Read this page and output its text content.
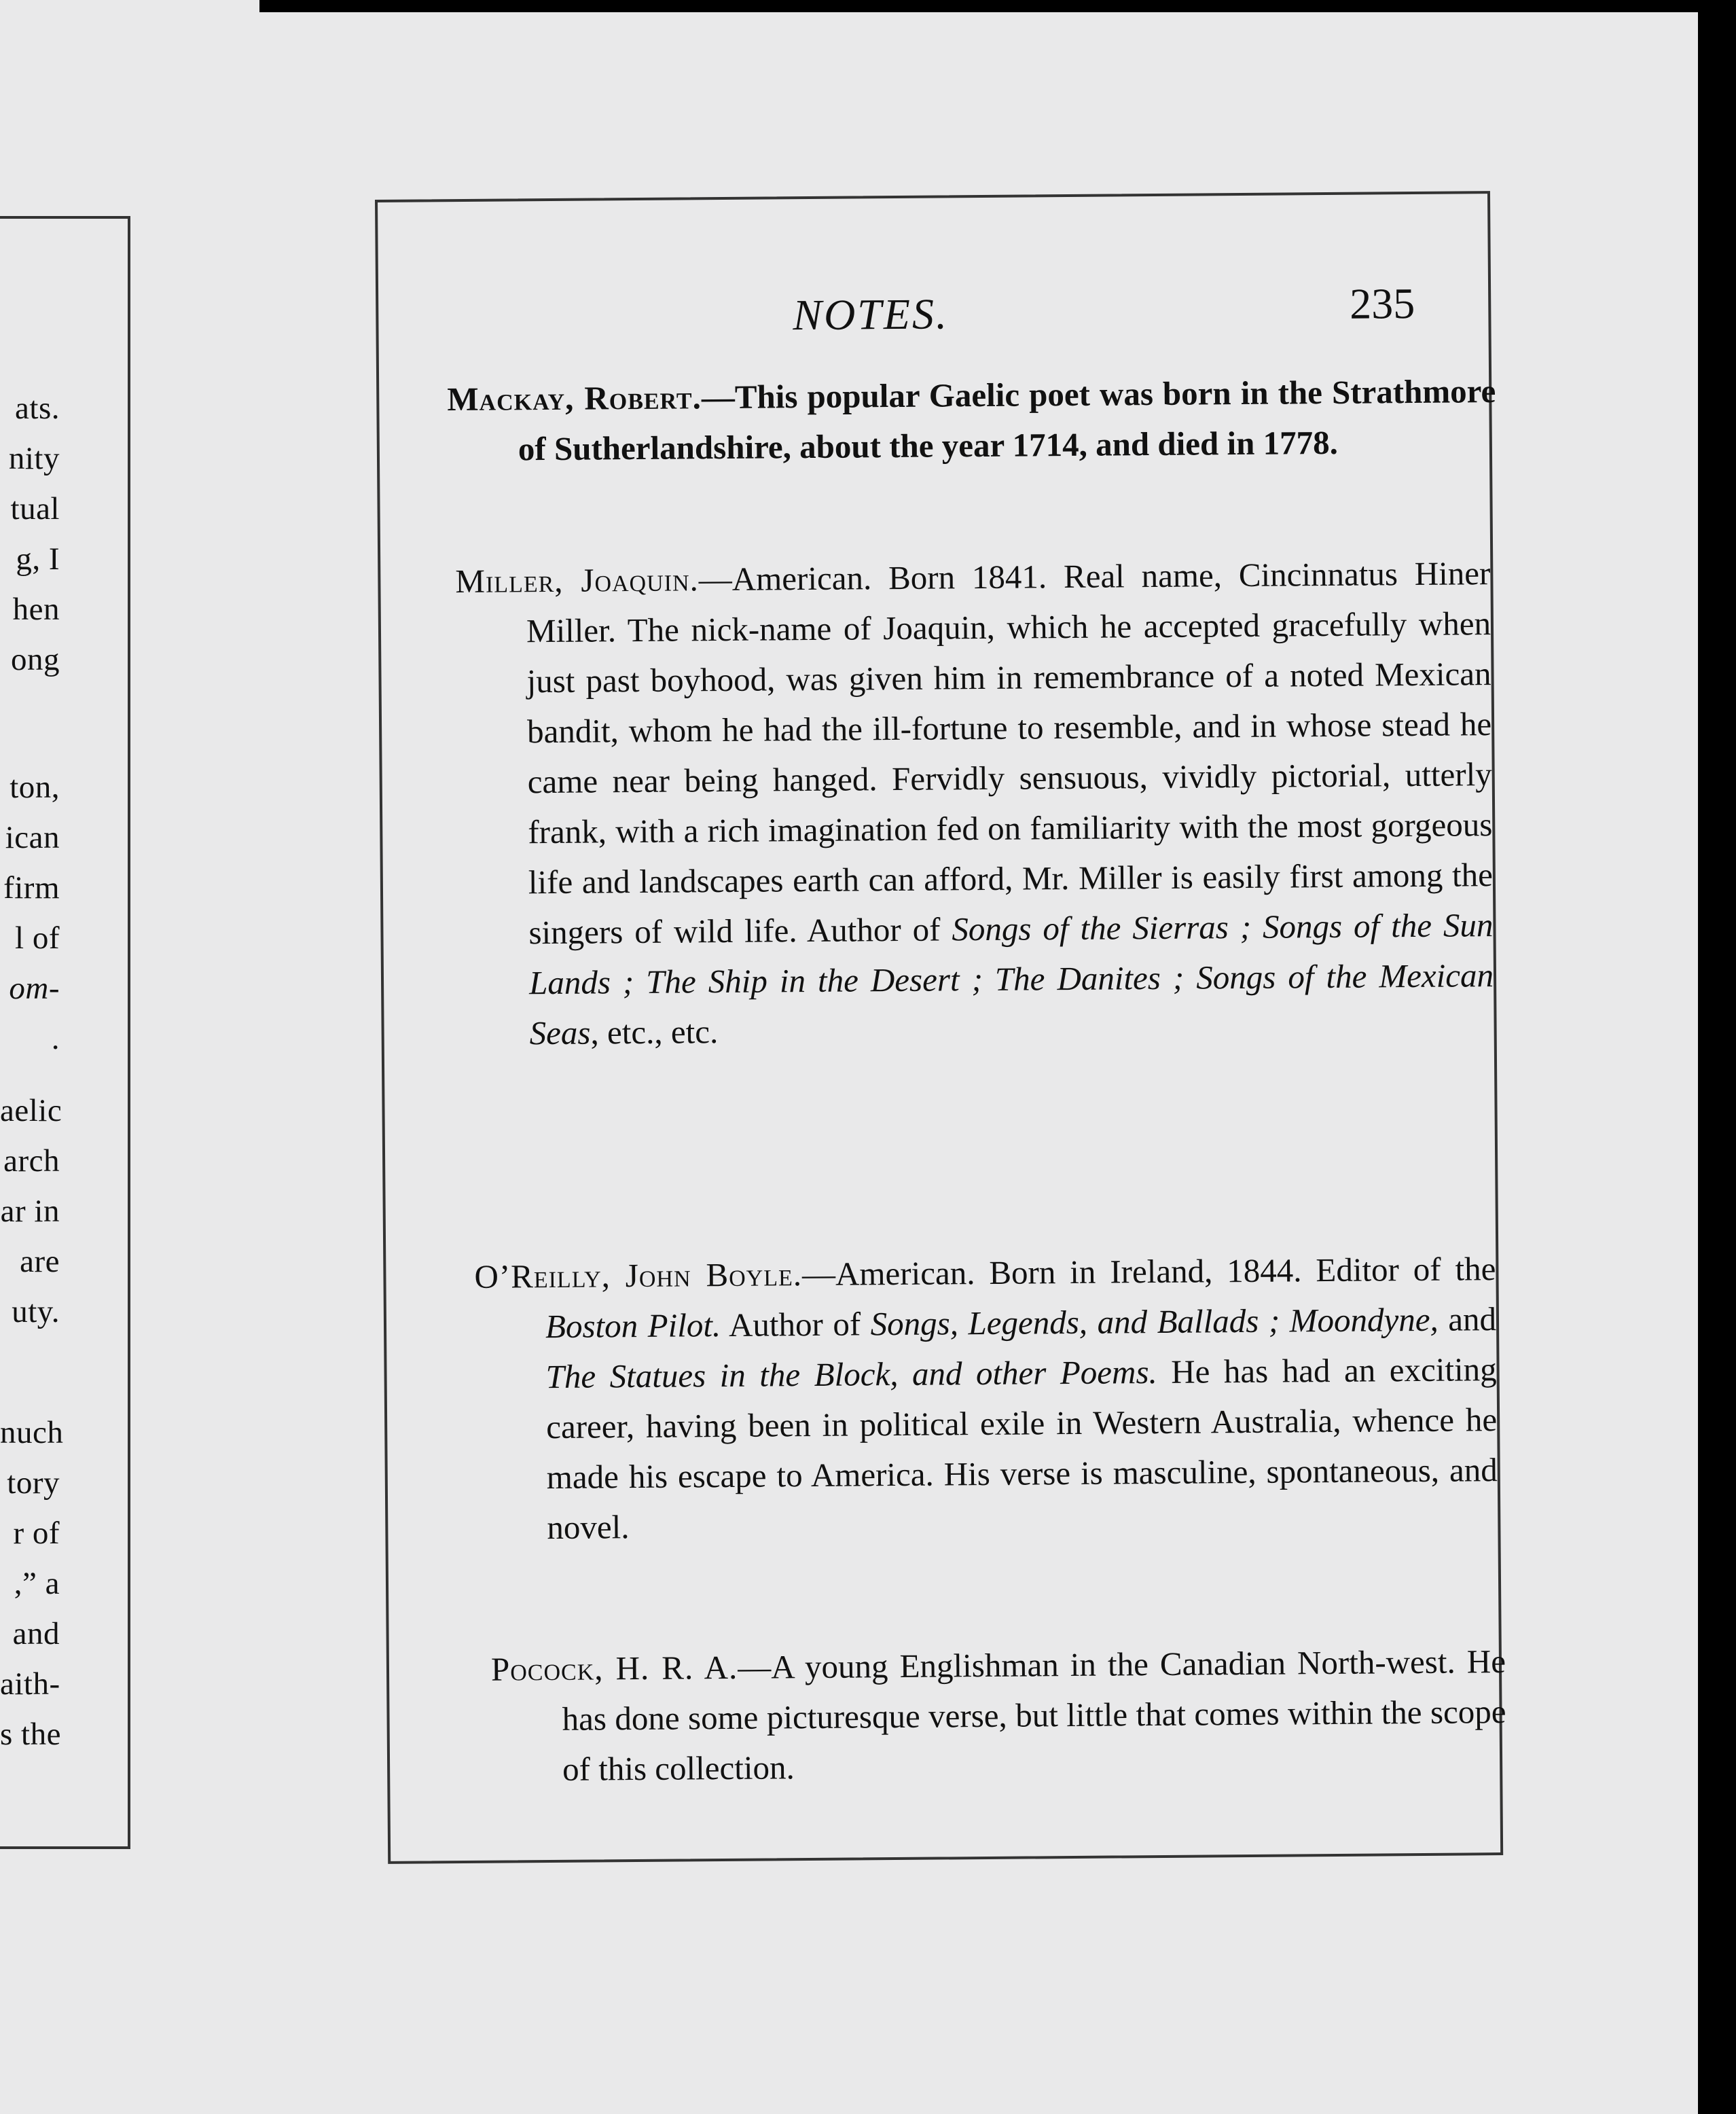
ats.
nity
tual
g, I
hen
ong
ton,
ican
firm
l of
om-
.
aelic
arch
ar in
are
uty.
nuch
tory
r of
,” a
and
aith-
s the
NOTES.	235
Mackay, Robert.—This popular Gaelic poet was born in the Strathmore of Sutherlandshire, about the year 1714, and died in 1778.
Miller, Joaquin.—American. Born 1841. Real name, Cincinnatus Hiner Miller. The nick-name of Joaquin, which he accepted gracefully when just past boyhood, was given him in remembrance of a noted Mexican bandit, whom he had the ill-fortune to resemble, and in whose stead he came near being hanged. Fervidly sensuous, vividly pictorial, utterly frank, with a rich imagination fed on familiarity with the most gorgeous life and landscapes earth can afford, Mr. Miller is easily first among the singers of wild life. Author of Songs of the Sierras ; Songs of the Sun Lands ; The Ship in the Desert ; The Danites ; Songs of the Mexican Seas, etc., etc.
O’Reilly, John Boyle.—American. Born in Ireland, 1844. Editor of the Boston Pilot. Author of Songs, Legends, and Ballads ; Moondyne, and The Statues in the Block, and other Poems. He has had an exciting career, having been in political exile in Western Australia, whence he made his escape to America. His verse is masculine, spontaneous, and novel.
Pocock, H. R. A.—A young Englishman in the Canadian North-west. He has done some picturesque verse, but little that comes within the scope of this collection.
